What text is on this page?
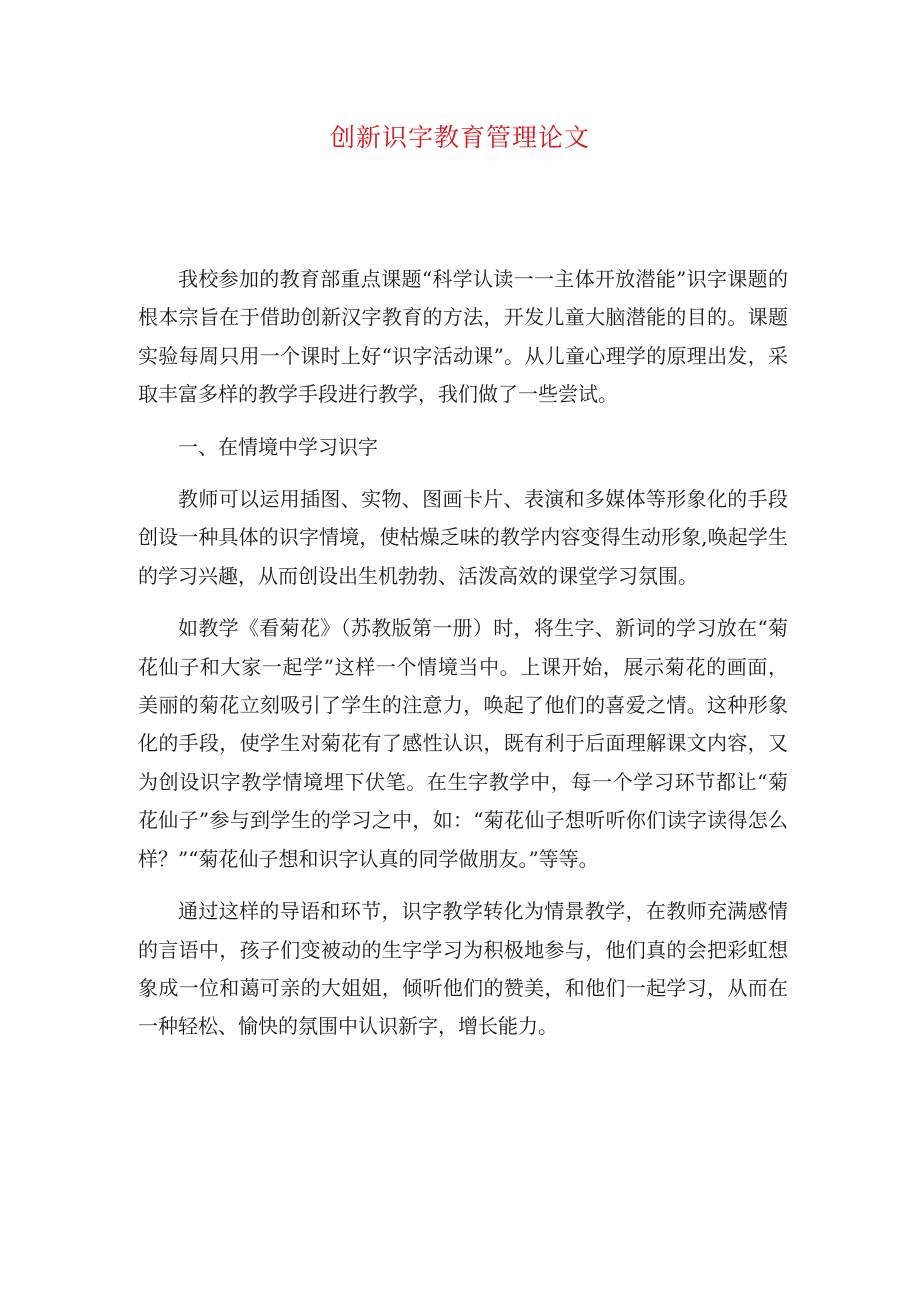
创新识字教育管理论文

我校参加的教育部重点课题“科学认读一一主体开放潜能”识字课题的根本宗旨在于借助创新汉字教育的方法，开发儿童大脑潜能的目的。课题实验每周只用一个课时上好“识字活动课”。从儿童心理学的原理出发，采取丰富多样的教学手段进行教学，我们做了一些尝试。

一、在情境中学习识字

教师可以运用插图、实物、图画卡片、表演和多媒体等形象化的手段创设一种具体的识字情境，使枯燥乏味的教学内容变得生动形象,唤起学生的学习兴趣，从而创设出生机勃勃、活泼高效的课堂学习氛围。

如教学《看菊花》（苏教版第一册）时，将生字、新词的学习放在“菊花仙子和大家一起学”这样一个情境当中。上课开始，展示菊花的画面，美丽的菊花立刻吸引了学生的注意力，唤起了他们的喜爱之情。这种形象化的手段，使学生对菊花有了感性认识，既有利于后面理解课文内容，又为创设识字教学情境埋下伏笔。在生字教学中，每一个学习环节都让“菊花仙子”参与到学生的学习之中，如：“菊花仙子想听听你们读字读得怎么样？”“菊花仙子想和识字认真的同学做朋友。”等等。

通过这样的导语和环节，识字教学转化为情景教学，在教师充满感情的言语中，孩子们变被动的生字学习为积极地参与，他们真的会把彩虹想象成一位和蔼可亲的大姐姐，倾听他们的赞美，和他们一起学习，从而在一种轻松、愉快的氛围中认识新字，增长能力。
